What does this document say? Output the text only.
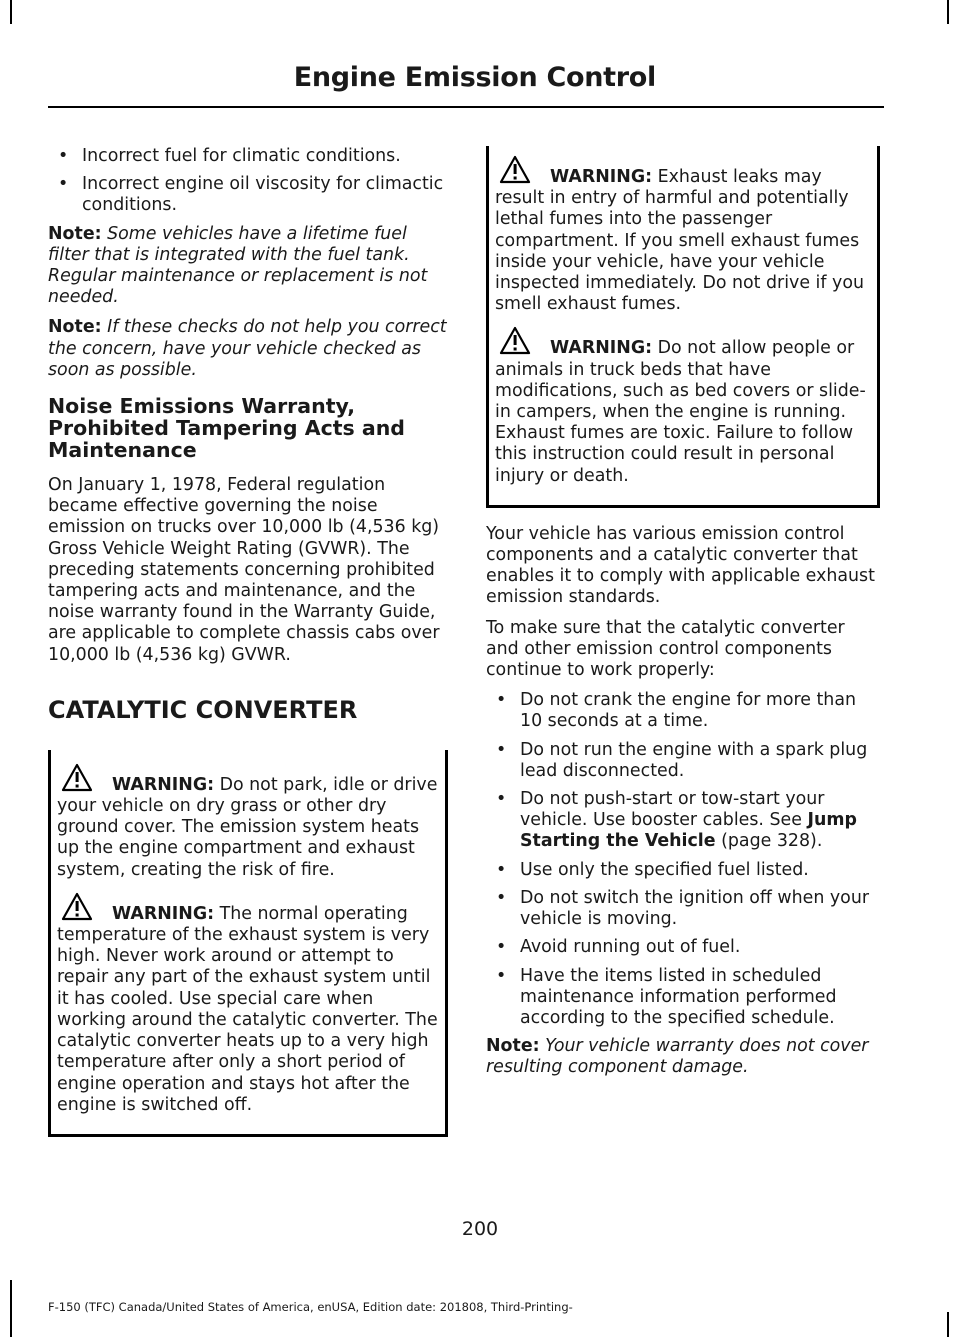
Engine Emission Control
• Incorrect fuel for climatic conditions.
• Incorrect engine oil viscosity for climactic conditions.

Note: Some vehicles have a lifetime fuel filter that is integrated with the fuel tank. Regular maintenance or replacement is not needed.

Note: If these checks do not help you correct the concern, have your vehicle checked as soon as possible.

Noise Emissions Warranty, Prohibited Tampering Acts and Maintenance

On January 1, 1978, Federal regulation became effective governing the noise emission on trucks over 10,000 lb (4,536 kg) Gross Vehicle Weight Rating (GVWR). The preceding statements concerning prohibited tampering acts and maintenance, and the noise warranty found in the Warranty Guide, are applicable to complete chassis cabs over 10,000 lb (4,536 kg) GVWR.

CATALYTIC CONVERTER
WARNING: Do not park, idle or drive your vehicle on dry grass or other dry ground cover. The emission system heats up the engine compartment and exhaust system, creating the risk of fire.
WARNING: The normal operating temperature of the exhaust system is very high. Never work around or attempt to repair any part of the exhaust system until it has cooled. Use special care when working around the catalytic converter. The catalytic converter heats up to a very high temperature after only a short period of engine operation and stays hot after the engine is switched off.
WARNING: Exhaust leaks may result in entry of harmful and potentially lethal fumes into the passenger compartment. If you smell exhaust fumes inside your vehicle, have your vehicle inspected immediately. Do not drive if you smell exhaust fumes.
WARNING: Do not allow people or animals in truck beds that have modifications, such as bed covers or slide-in campers, when the engine is running. Exhaust fumes are toxic. Failure to follow this instruction could result in personal injury or death.

Your vehicle has various emission control components and a catalytic converter that enables it to comply with applicable exhaust emission standards.

To make sure that the catalytic converter and other emission control components continue to work properly:

• Do not crank the engine for more than 10 seconds at a time.
• Do not run the engine with a spark plug lead disconnected.
• Do not push-start or tow-start your vehicle. Use booster cables. See Jump Starting the Vehicle (page 328).
• Use only the specified fuel listed.
• Do not switch the ignition off when your vehicle is moving.
• Avoid running out of fuel.
• Have the items listed in scheduled maintenance information performed according to the specified schedule.

Note: Your vehicle warranty does not cover resulting component damage.

200
F-150 (TFC) Canada/United States of America, enUSA, Edition date: 201808, Third-Printing-
